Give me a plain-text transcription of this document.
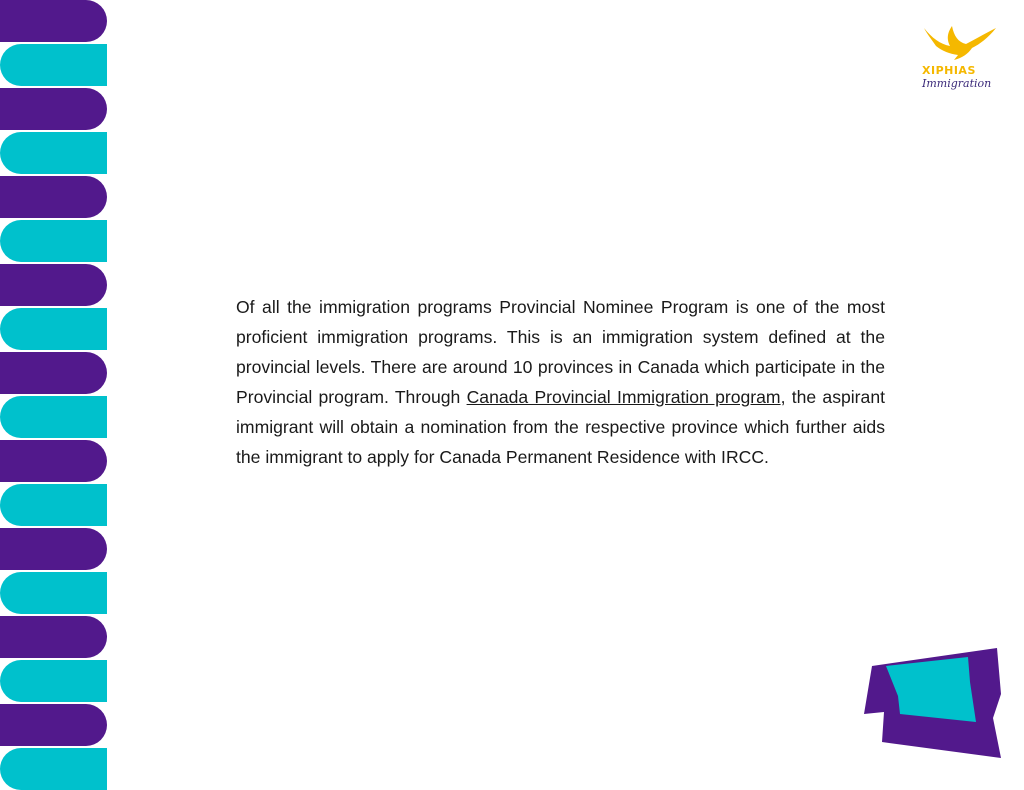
XIPHIAS
Immigration

Of all the immigration programs Provincial Nominee Program is one of the most proficient immigration programs. This is an immigration system defined at the provincial levels. There are around 10 provinces in Canada which participate in the Provincial program. Through Canada Provincial Immigration program, the aspirant immigrant will obtain a nomination from the respective province which further aids the immigrant to apply for Canada Permanent Residence with IRCC.
